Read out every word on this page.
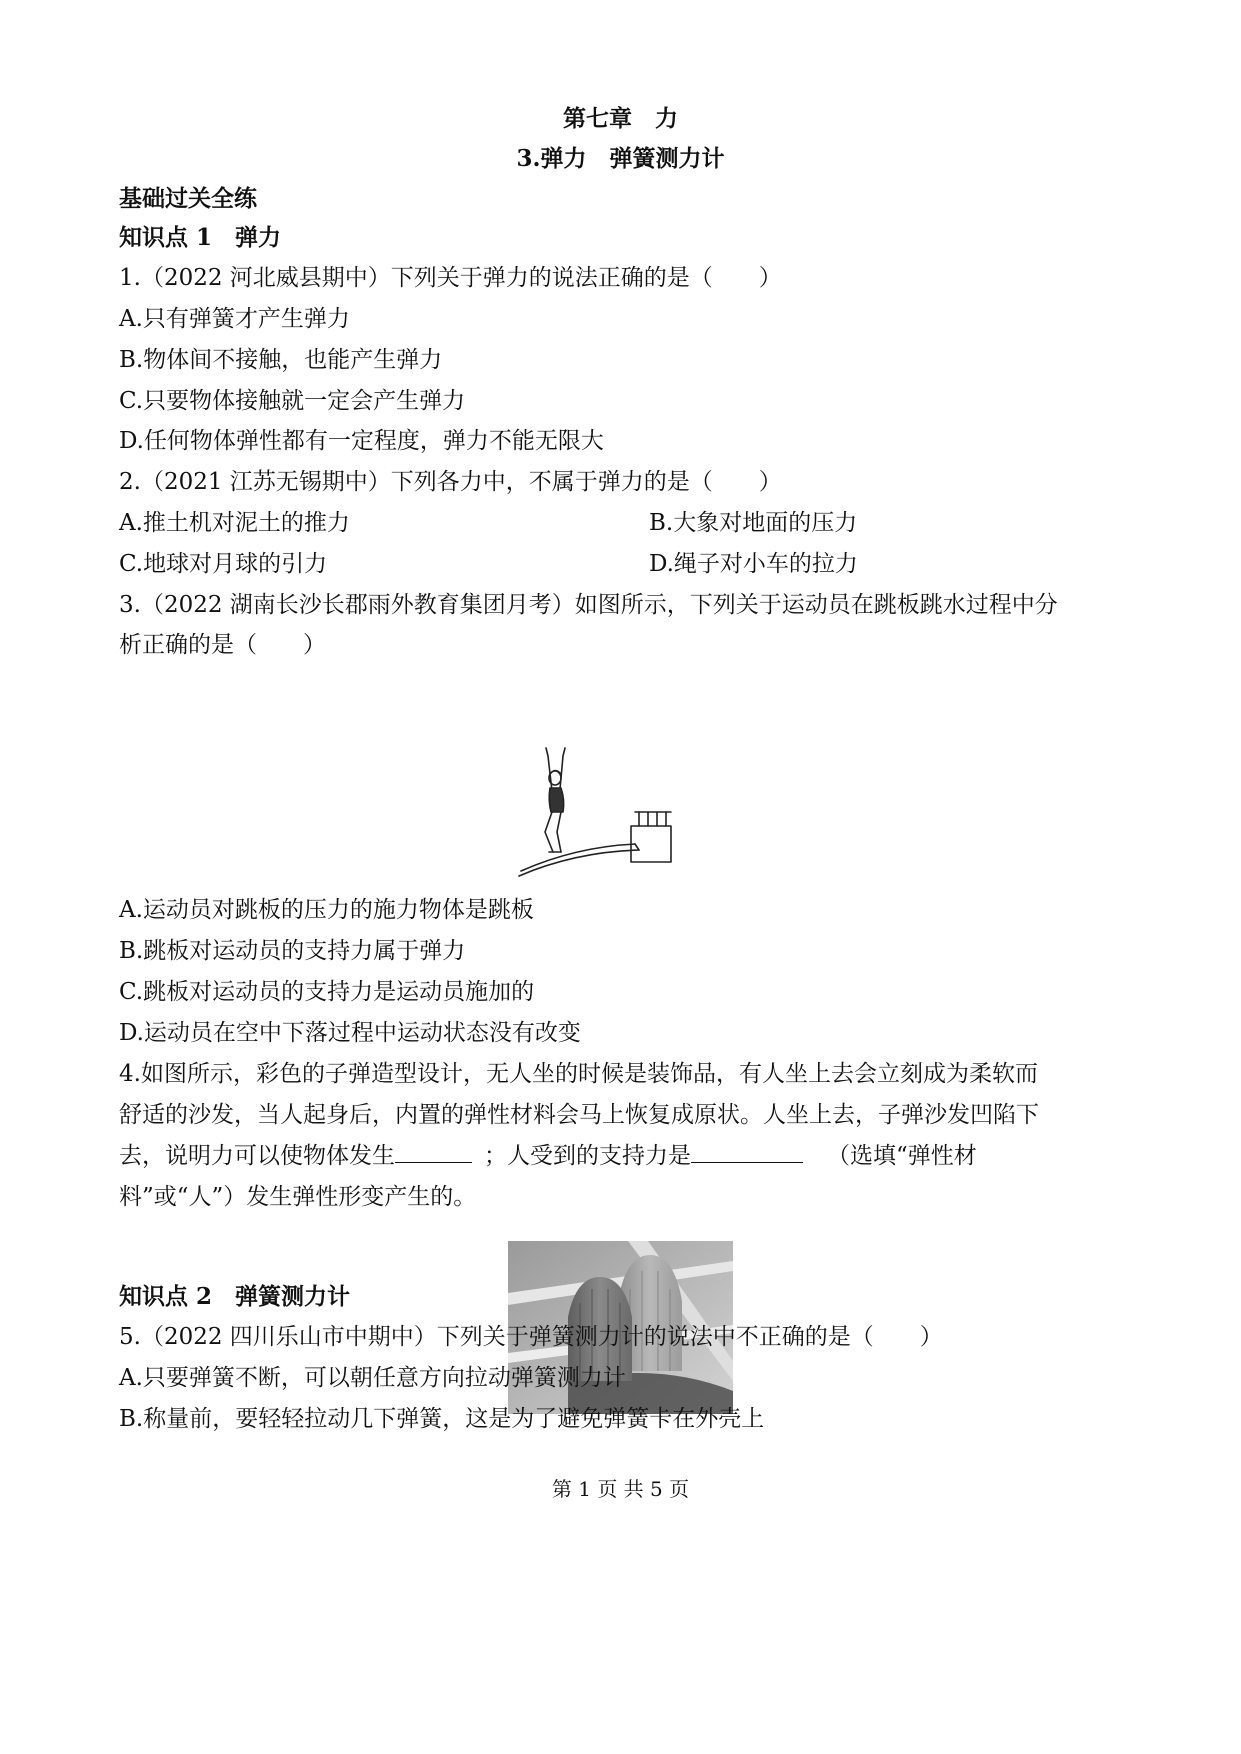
第七章　力
3.弹力　弹簧测力计
基础过关全练
知识点 1　弹力
1.（2022 河北威县期中）下列关于弹力的说法正确的是（　　）
A.只有弹簧才产生弹力
B.物体间不接触，也能产生弹力
C.只要物体接触就一定会产生弹力
D.任何物体弹性都有一定程度，弹力不能无限大
2.（2021 江苏无锡期中）下列各力中，不属于弹力的是（　　）
A.推土机对泥土的推力	B.大象对地面的压力
C.地球对月球的引力	D.绳子对小车的拉力
3.（2022 湖南长沙长郡雨外教育集团月考）如图所示，下列关于运动员在跳板跳水过程中分
析正确的是（　　）
A.运动员对跳板的压力的施力物体是跳板
B.跳板对运动员的支持力属于弹力
C.跳板对运动员的支持力是运动员施加的
D.运动员在空中下落过程中运动状态没有改变
4.如图所示，彩色的子弹造型设计，无人坐的时候是装饰品，有人坐上去会立刻成为柔软而
舒适的沙发，当人起身后，内置的弹性材料会马上恢复成原状。人坐上去，子弹沙发凹陷下
去，说明力可以使物体发生	；人受到的支持力是	（选填“弹性材
料”或“人”）发生弹性形变产生的。
知识点 2　弹簧测力计
5.（2022 四川乐山市中期中）下列关于弹簧测力计的说法中不正确的是（　　）
A.只要弹簧不断，可以朝任意方向拉动弹簧测力计
B.称量前，要轻轻拉动几下弹簧，这是为了避免弹簧卡在外壳上
第 1 页 共 5 页
